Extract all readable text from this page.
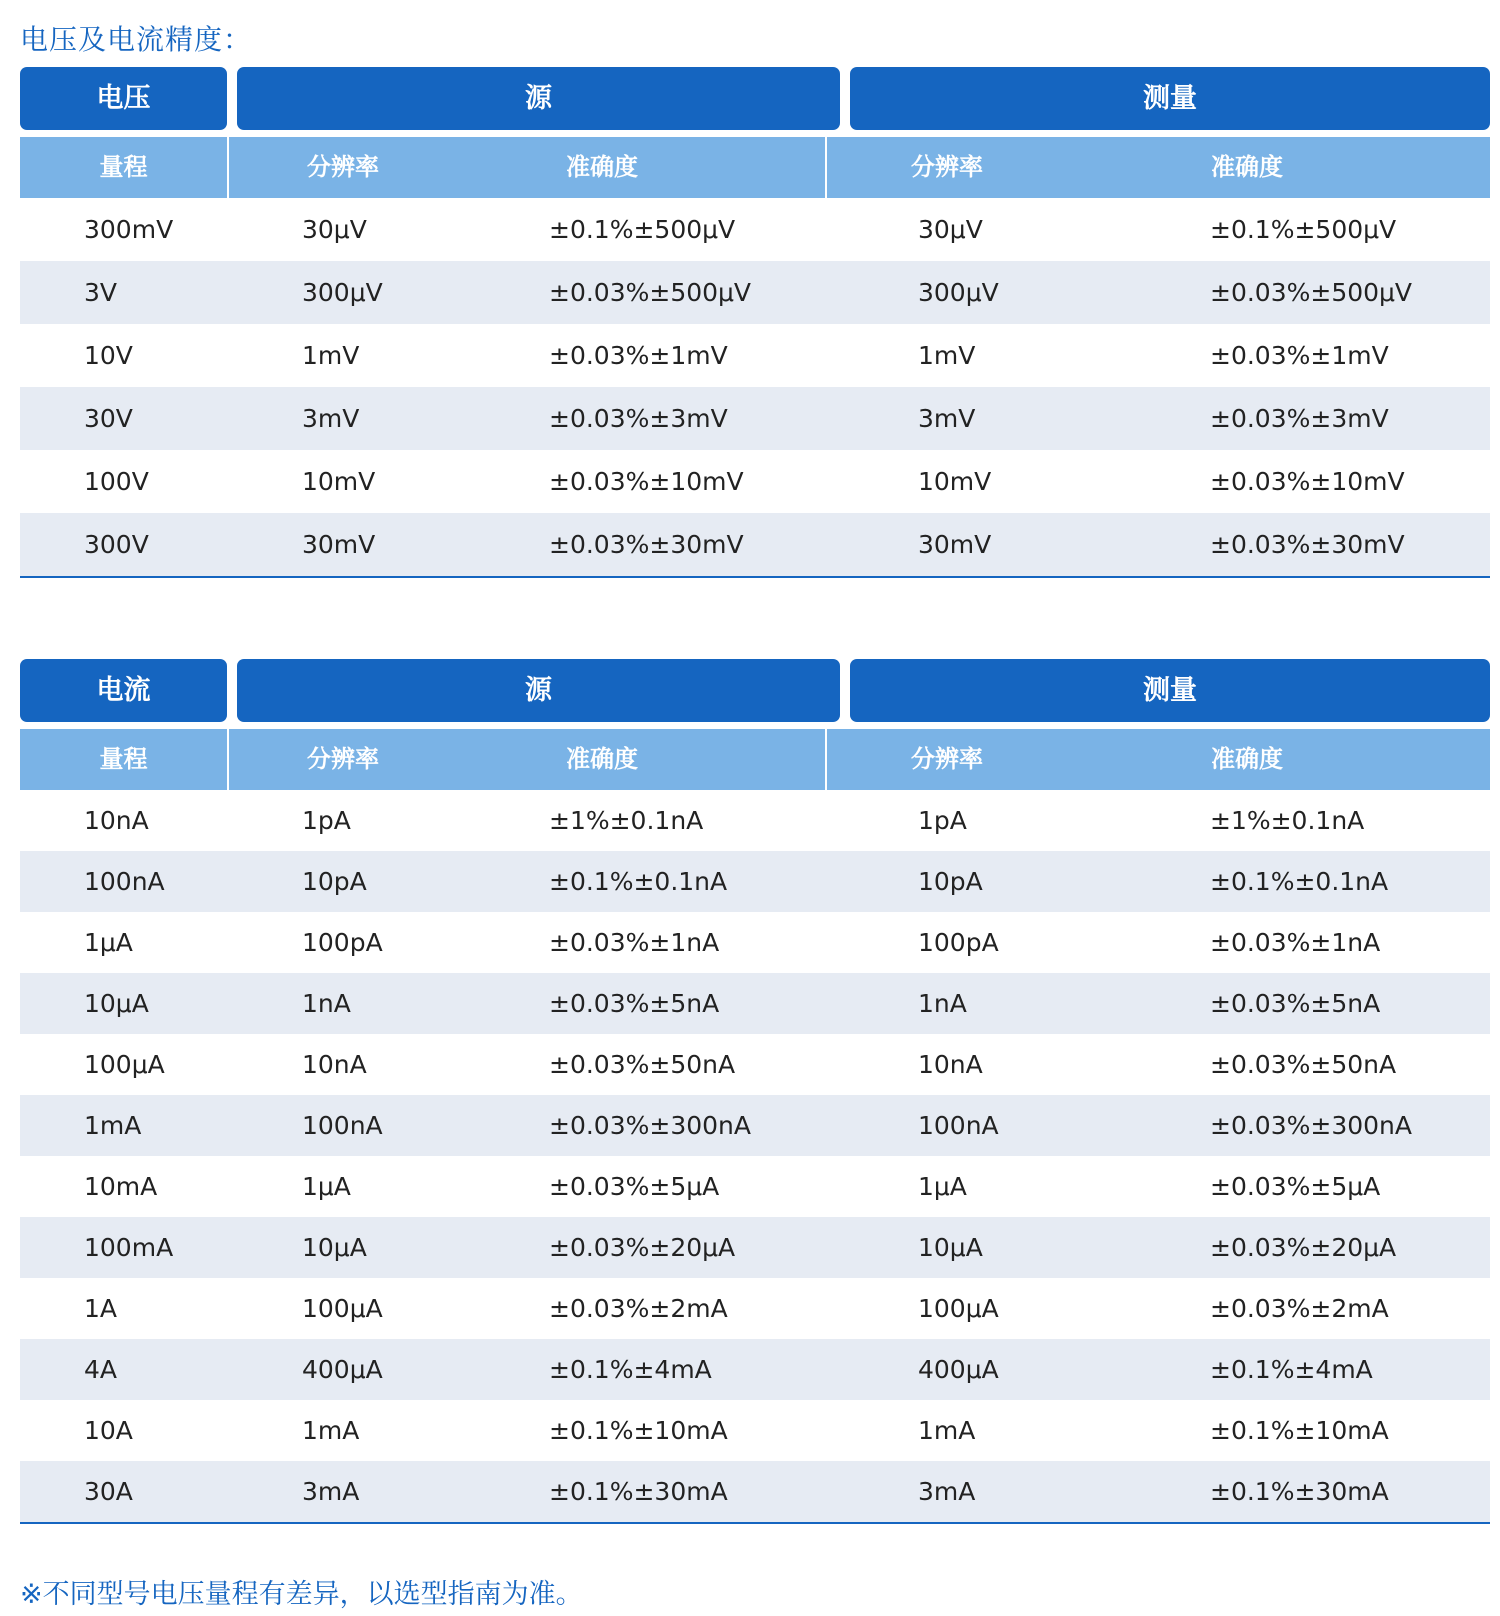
电压及电流精度：
电压	源	测量
量程	分辨率	准确度	分辨率	准确度
300mV	30μV	±0.1%±500μV	30μV	±0.1%±500μV
3V	300μV	±0.03%±500μV	300μV	±0.03%±500μV
10V	1mV	±0.03%±1mV	1mV	±0.03%±1mV
30V	3mV	±0.03%±3mV	3mV	±0.03%±3mV
100V	10mV	±0.03%±10mV	10mV	±0.03%±10mV
300V	30mV	±0.03%±30mV	30mV	±0.03%±30mV
电流	源	测量
量程	分辨率	准确度	分辨率	准确度
10nA	1pA	±1%±0.1nA	1pA	±1%±0.1nA
100nA	10pA	±0.1%±0.1nA	10pA	±0.1%±0.1nA
1μA	100pA	±0.03%±1nA	100pA	±0.03%±1nA
10μA	1nA	±0.03%±5nA	1nA	±0.03%±5nA
100μA	10nA	±0.03%±50nA	10nA	±0.03%±50nA
1mA	100nA	±0.03%±300nA	100nA	±0.03%±300nA
10mA	1μA	±0.03%±5μA	1μA	±0.03%±5μA
100mA	10μA	±0.03%±20μA	10μA	±0.03%±20μA
1A	100μA	±0.03%±2mA	100μA	±0.03%±2mA
4A	400μA	±0.1%±4mA	400μA	±0.1%±4mA
10A	1mA	±0.1%±10mA	1mA	±0.1%±10mA
30A	3mA	±0.1%±30mA	3mA	±0.1%±30mA
※不同型号电压量程有差异，以选型指南为准。
